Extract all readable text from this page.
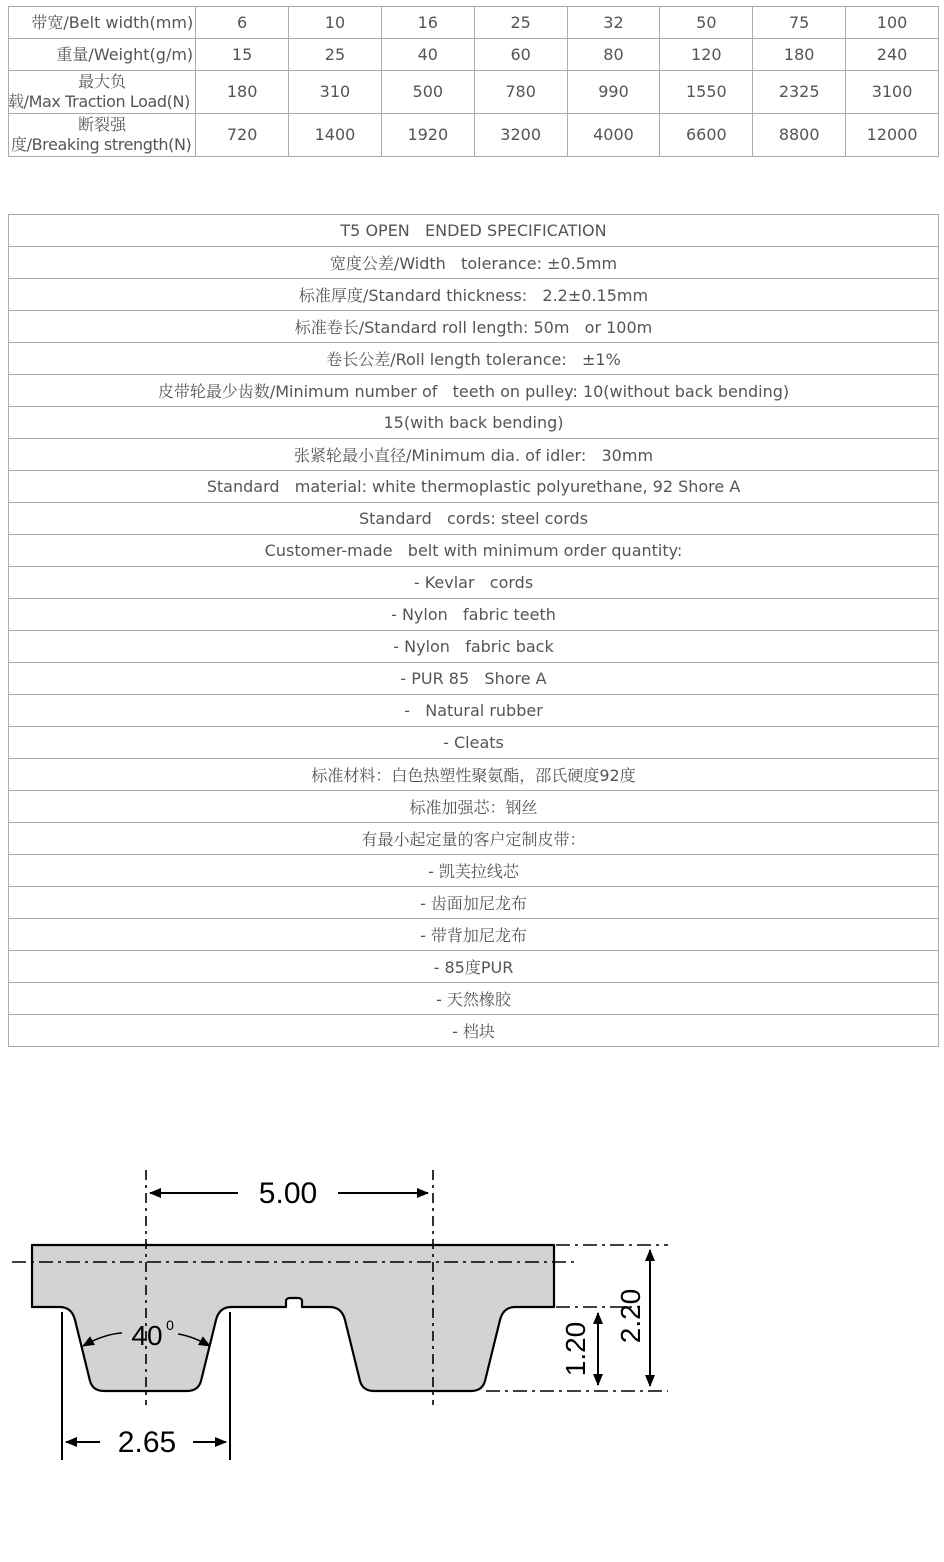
带宽/Belt width(mm)	6	10	16	25	32	50	75	100
重量/Weight(g/m)	15	25	40	60	80	120	180	240

最大负
载/Max Traction Load(N)	180	310	500	780	990	1550	2325	3100

断裂强
度/Breaking strength(N)	720	1400	1920	3200	4000	6600	8800	12000
T5 OPEN   ENDED SPECIFICATION
宽度公差/Width   tolerance: ±0.5mm
标准厚度/Standard thickness:   2.2±0.15mm
标准卷长/Standard roll length: 50m   or 100m
卷长公差/Roll length tolerance:   ±1%
皮带轮最少齿数/Minimum number of   teeth on pulley: 10(without back bending)
15(with back bending)
张紧轮最小直径/Minimum dia. of idler:   30mm
Standard   material: white thermoplastic polyurethane, 92 Shore A
Standard   cords: steel cords
Customer-made   belt with minimum order quantity:
- Kevlar   cords
- Nylon   fabric teeth
- Nylon   fabric back
- PUR 85   Shore A
-   Natural rubber
- Cleats
标准材料：白色热塑性聚氨酯，邵氏硬度92度
标准加强芯：钢丝
有最小起定量的客户定制皮带：
- 凯芙拉线芯
- 齿面加尼龙布
- 带背加尼龙布
- 85度PUR
- 天然橡胶
- 档块
5.00
40 0
2.65
1.20
2.20
